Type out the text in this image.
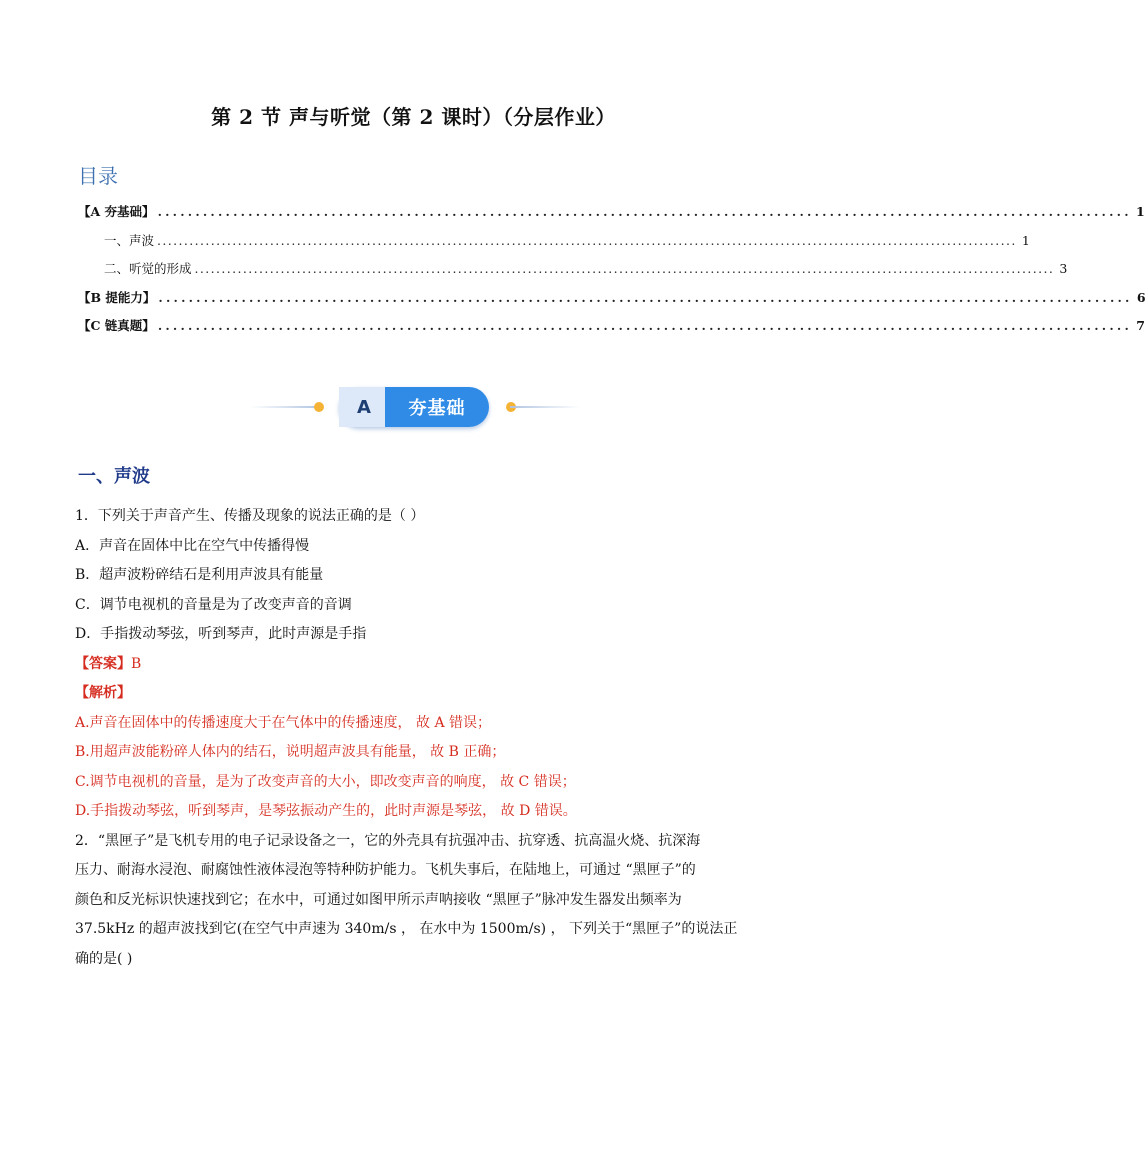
第 2 节 声与听觉（第 2 课时）（分层作业）
目录
【A 夯基础】 ................................................................................................................................. 1
一、声波 ................................................................................................................................................................ 1
二、听觉的形成 ................................................................................................................................................................ 3
【B 提能力】 ................................................................................................................................. 6
【C 链真题】 ................................................................................................................................. 7
A	夯基础
一、声波
1．下列关于声音产生、传播及现象的说法正确的是（ ）
A．声音在固体中比在空气中传播得慢
B．超声波粉碎结石是利用声波具有能量
C．调节电视机的音量是为了改变声音的音调
D．手指拨动琴弦，听到琴声，此时声源是手指
【答案】B
【解析】
A.声音在固体中的传播速度大于在气体中的传播速度， 故 A 错误；
B.用超声波能粉碎人体内的结石，说明超声波具有能量， 故 B 正确；
C.调节电视机的音量，是为了改变声音的大小，即改变声音的响度， 故 C 错误；
D.手指拨动琴弦，听到琴声，是琴弦振动产生的，此时声源是琴弦， 故 D 错误。
2．“黑匣子”是飞机专用的电子记录设备之一，它的外壳具有抗强冲击、抗穿透、抗高温火烧、抗深海
压力、耐海水浸泡、耐腐蚀性液体浸泡等特种防护能力。飞机失事后，在陆地上，可通过 “黑匣子”的
颜色和反光标识快速找到它；在水中，可通过如图甲所示声呐接收 “黑匣子”脉冲发生器发出频率为
37.5kHz 的超声波找到它(在空气中声速为 340m/s ， 在水中为 1500m/s) ， 下列关于“黑匣子”的说法正
确的是( )
